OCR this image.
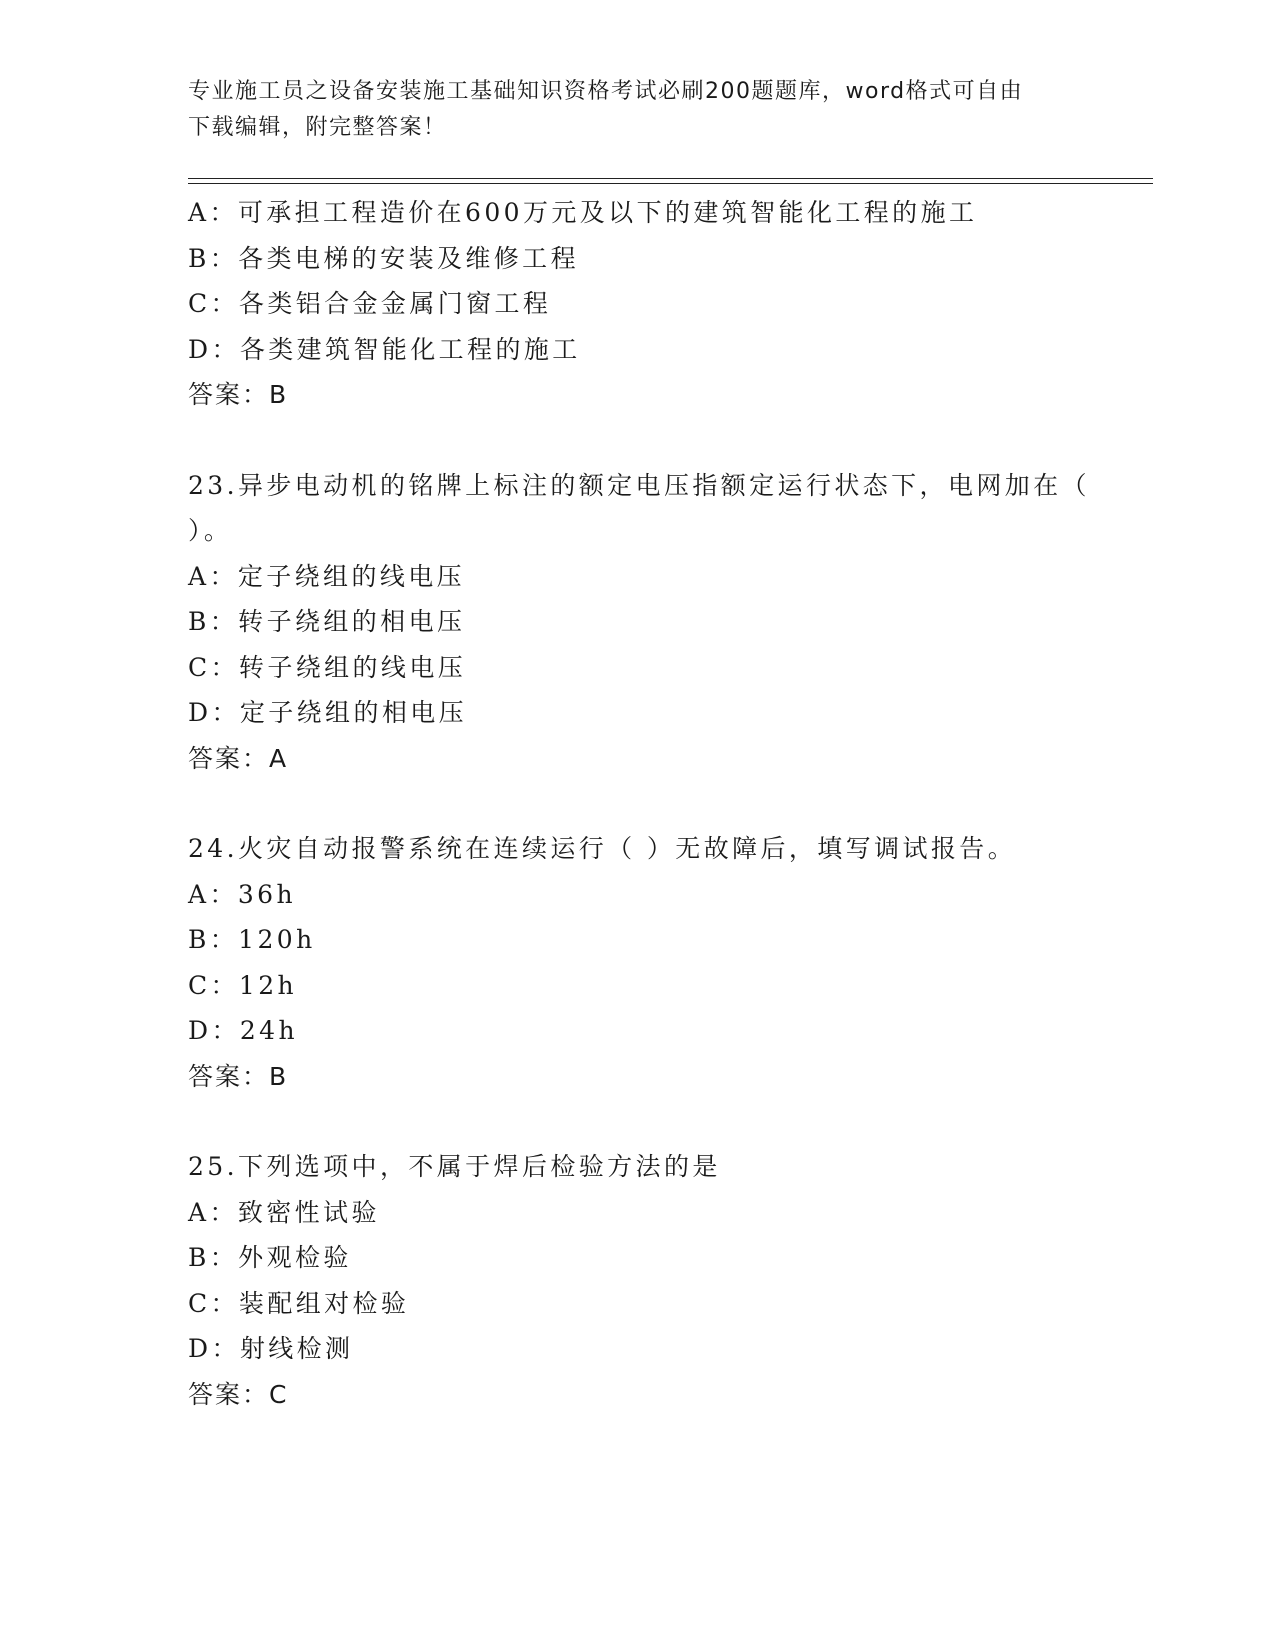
专业施工员之设备安装施工基础知识资格考试必刷200题题库，word格式可自由
下载编辑，附完整答案！
A：可承担工程造价在600万元及以下的建筑智能化工程的施工
B：各类电梯的安装及维修工程
C：各类铝合金金属门窗工程
D：各类建筑智能化工程的施工
答案：B
23.异步电动机的铭牌上标注的额定电压指额定运行状态下，电网加在（ ）。
A：定子绕组的线电压
B：转子绕组的相电压
C：转子绕组的线电压
D：定子绕组的相电压
答案：A
24.火灾自动报警系统在连续运行（ ）无故障后，填写调试报告。
A：36h
B：120h
C：12h
D：24h
答案：B
25.下列选项中，不属于焊后检验方法的是
A：致密性试验
B：外观检验
C：装配组对检验
D：射线检测
答案：C
